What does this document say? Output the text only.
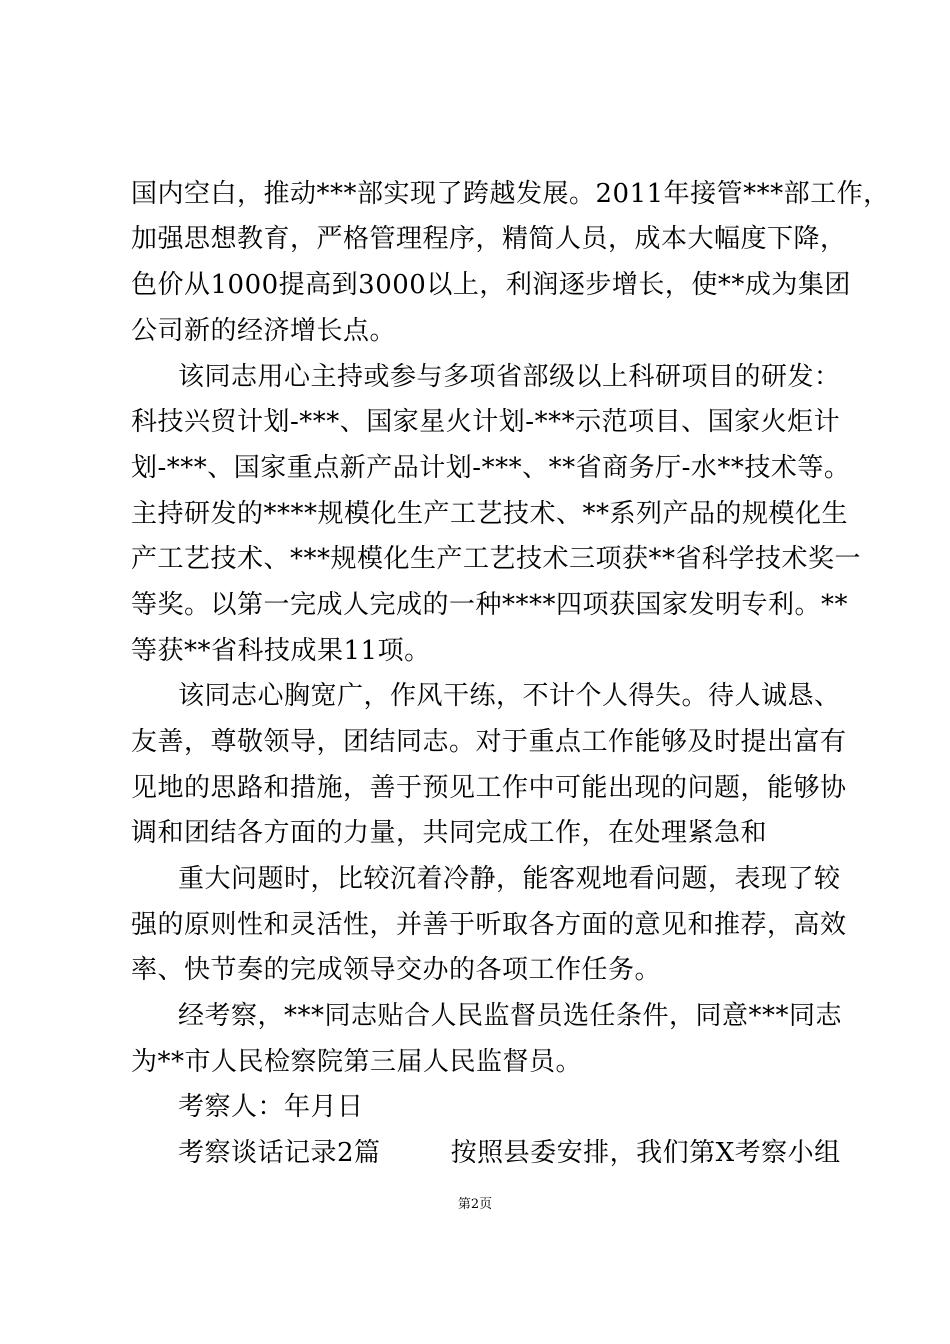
国内空白，推动***部实现了跨越发展。2011年接管***部工作，
加强思想教育，严格管理程序，精简人员，成本大幅度下降，
色价从1000提高到3000以上，利润逐步增长，使**成为集团
公司新的经济增长点。
该同志用心主持或参与多项省部级以上科研项目的研发：
科技兴贸计划-***、国家星火计划-***示范项目、国家火炬计
划-***、国家重点新产品计划-***、**省商务厅-水**技术等。
主持研发的****规模化生产工艺技术、**系列产品的规模化生
产工艺技术、***规模化生产工艺技术三项获**省科学技术奖一
等奖。以第一完成人完成的一种****四项获国家发明专利。**
等获**省科技成果11项。
该同志心胸宽广，作风干练，不计个人得失。待人诚恳、
友善，尊敬领导，团结同志。对于重点工作能够及时提出富有
见地的思路和措施，善于预见工作中可能出现的问题，能够协
调和团结各方面的力量，共同完成工作，在处理紧急和
重大问题时，比较沉着冷静，能客观地看问题，表现了较
强的原则性和灵活性，并善于听取各方面的意见和推荐，高效
率、快节奏的完成领导交办的各项工作任务。
经考察，***同志贴合人民监督员选任条件，同意***同志
为**市人民检察院第三届人民监督员。
考察人：年月日
考察谈话记录2篇        按照县委安排，我们第X考察小组
第2页
